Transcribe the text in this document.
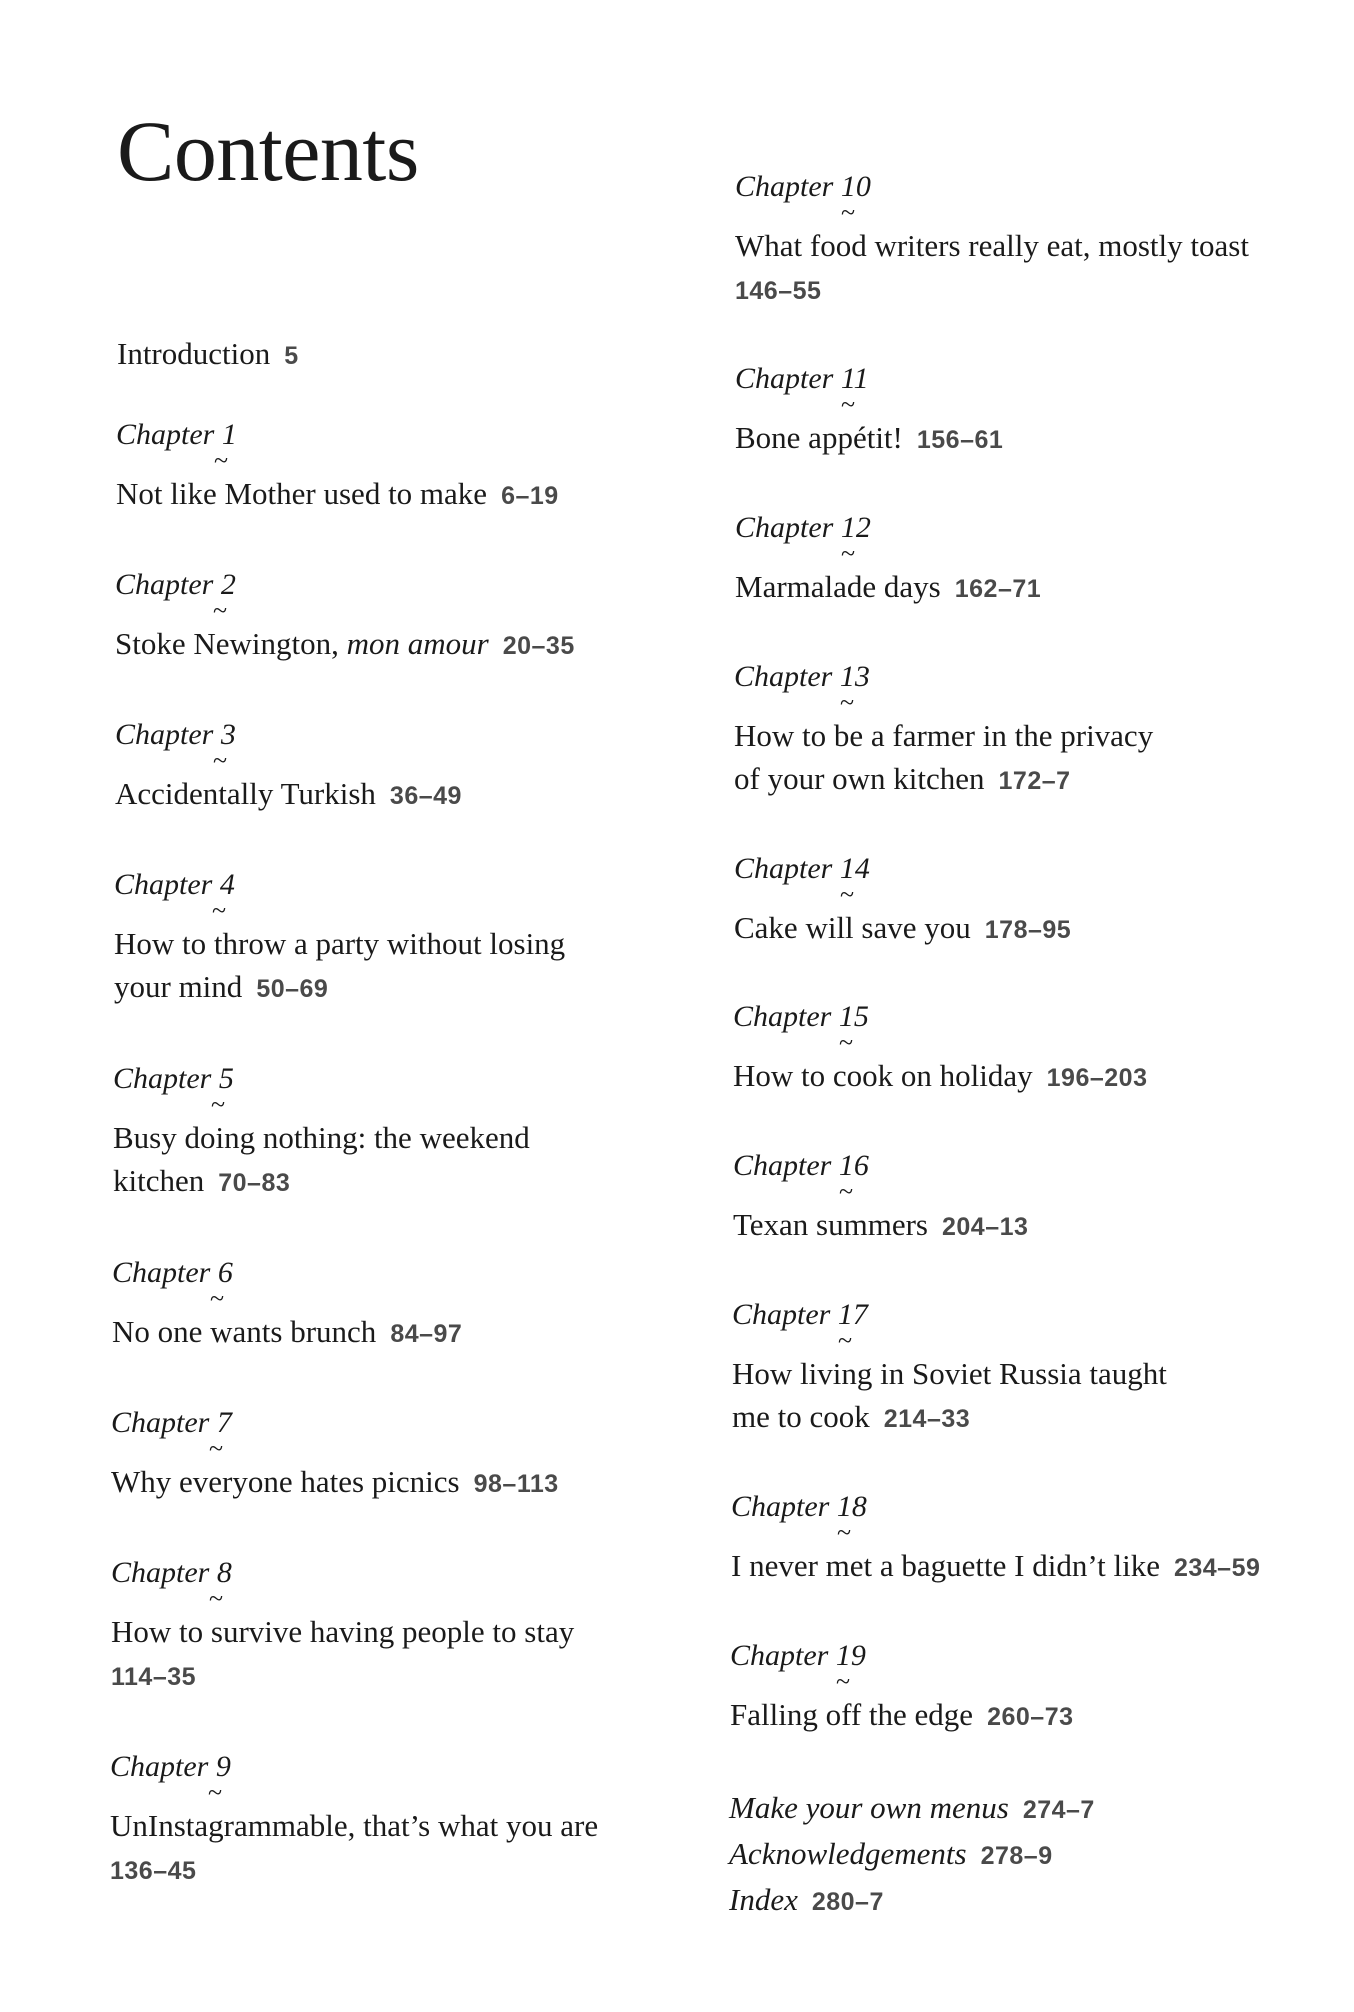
Contents
Introduction 5
Chapter 1
~
Not like Mother used to make 6–19
Chapter 2
~
Stoke Newington, mon amour 20–35
Chapter 3
~
Accidentally Turkish 36–49
Chapter 4
~
How to throw a party without losing
your mind 50–69
Chapter 5
~
Busy doing nothing: the weekend
kitchen 70–83
Chapter 6
~
No one wants brunch 84–97
Chapter 7
~
Why everyone hates picnics 98–113
Chapter 8
~
How to survive having people to stay
114–35
Chapter 9
~
UnInstagrammable, that’s what you are
136–45
Chapter 10
~
What food writers really eat, mostly toast
146–55
Chapter 11
~
Bone appétit! 156–61
Chapter 12
~
Marmalade days 162–71
Chapter 13
~
How to be a farmer in the privacy
of your own kitchen 172–7
Chapter 14
~
Cake will save you 178–95
Chapter 15
~
How to cook on holiday 196–203
Chapter 16
~
Texan summers 204–13
Chapter 17
~
How living in Soviet Russia taught
me to cook 214–33
Chapter 18
~
I never met a baguette I didn’t like 234–59
Chapter 19
~
Falling off the edge 260–73
Make your own menus 274–7
Acknowledgements 278–9
Index 280–7
